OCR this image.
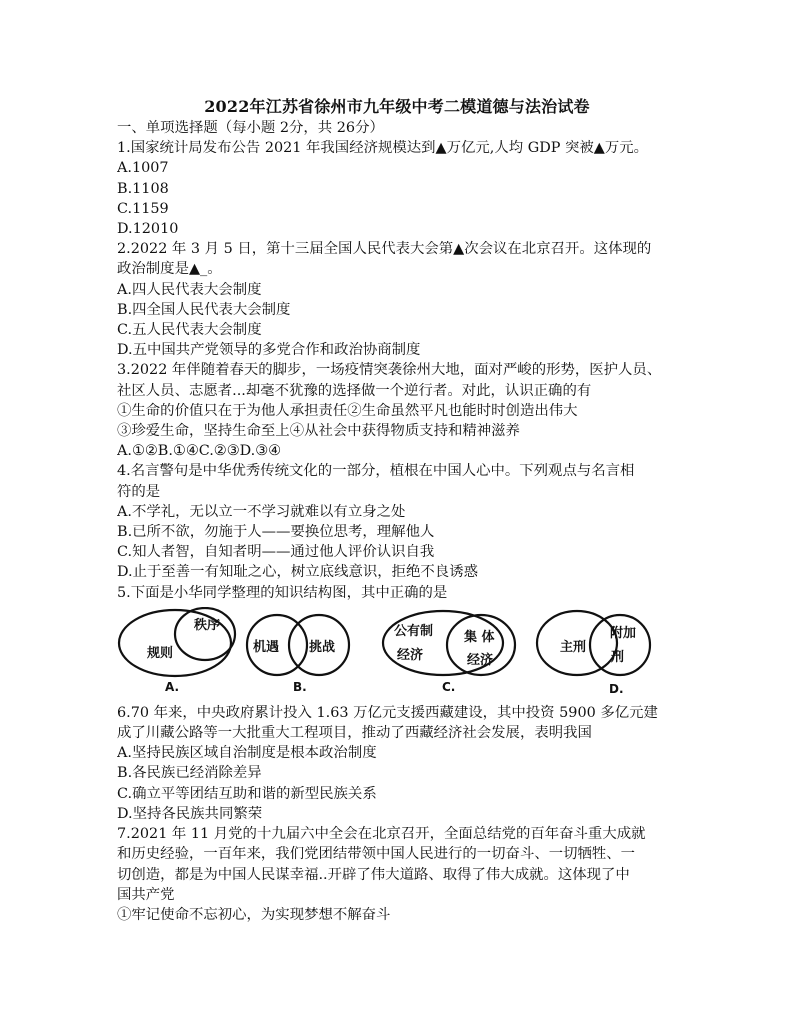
2022年江苏省徐州市九年级中考二模道德与法治试卷
一、单项选择题（每小题 2分，共 26分）
1.国家统计局发布公告 2021 年我国经济规模达到▲万亿元,人均 GDP 突被▲万元。
A.1007
B.1108
C.1159
D.12010
2.2022 年 3 月 5 日，第十三届全国人民代表大会第▲次会议在北京召开。这体现的
政治制度是▲_。
A.四人民代表大会制度
B.四全国人民代表大会制度
C.五人民代表大会制度
D.五中国共产党领导的多党合作和政治协商制度
3.2022 年伴随着春天的脚步，一场疫情突袭徐州大地，面对严峻的形势，医护人员、
社区人员、志愿者...却毫不犹豫的选择做一个逆行者。对此，认识正确的有
①生命的价值只在于为他人承担责任②生命虽然平凡也能时时创造出伟大
③珍爱生命，坚持生命至上④从社会中获得物质支持和精神滋养
A.①②B.①④C.②③D.③④
4.名言警句是中华优秀传统文化的一部分，植根在中国人心中。下列观点与名言相
符的是
A.不学礼，无以立一不学习就难以有立身之处
B.已所不欲，勿施于人——要换位思考，理解他人
C.知人者智，自知者明——通过他人评价认识自我
D.止于至善一有知耻之心，树立底线意识，拒绝不良诱惑
5.下面是小华同学整理的知识结构图，其中正确的是
规则
秩序
A.
机遇 挑战
B.
公有制
经济
集 体
经济
C.
主刑
附加
刑
D.
6.70 年来，中央政府累计投入 1.63 万亿元支援西藏建设，其中投资 5900 多亿元建
成了川藏公路等一大批重大工程项目，推动了西藏经济社会发展，表明我国
A.坚持民族区域自治制度是根本政治制度
B.各民族已经消除差异
C.确立平等团结互助和谐的新型民族关系
D.坚持各民族共同繁荣
7.2021 年 11 月党的十九届六中全会在北京召开，全面总结党的百年奋斗重大成就
和历史经验，一百年来，我们党团结带领中国人民进行的一切奋斗、一切牺牲、一
切创造，都是为中国人民谋幸福..开辟了伟大道路、取得了伟大成就。这体现了中
国共产党
①牢记使命不忘初心，为实现梦想不解奋斗
